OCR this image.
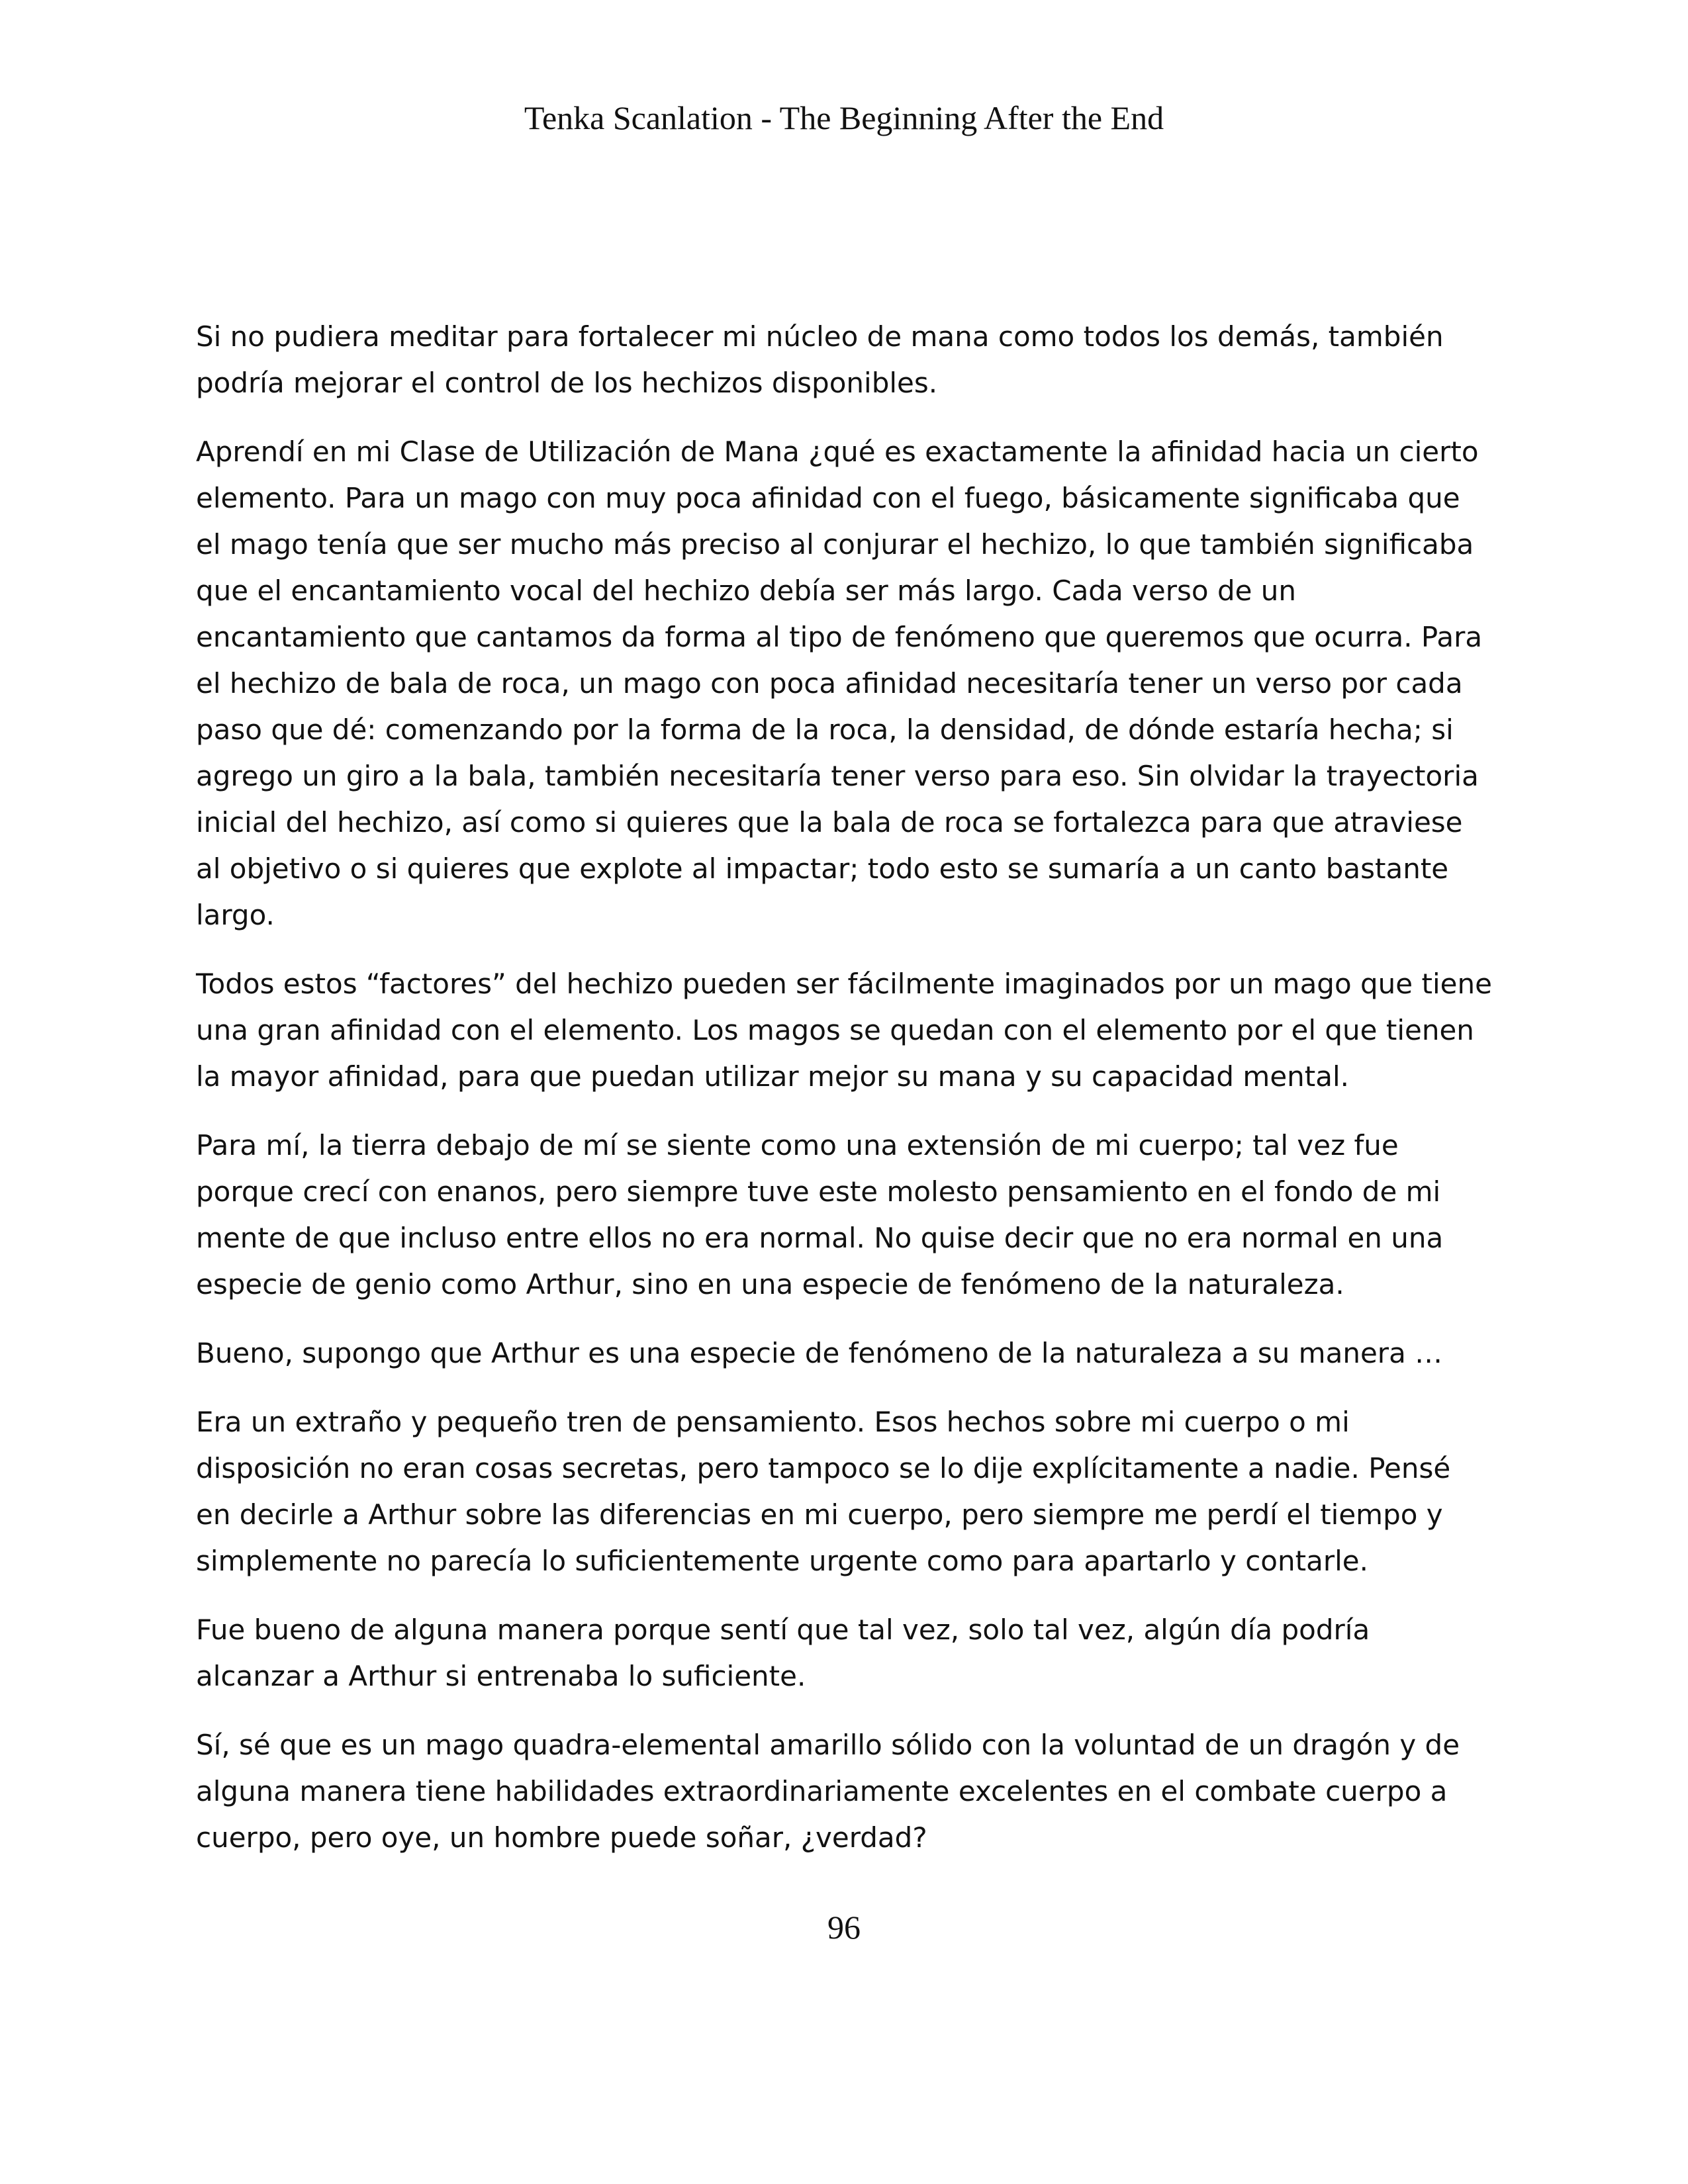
Tenka Scanlation - The Beginning After the End

Si no pudiera meditar para fortalecer mi núcleo de mana como todos los demás, también podría mejorar el control de los hechizos disponibles.

Aprendí en mi Clase de Utilización de Mana ¿qué es exactamente la afinidad hacia un cierto elemento. Para un mago con muy poca afinidad con el fuego, básicamente significaba que el mago tenía que ser mucho más preciso al conjurar el hechizo, lo que también significaba que el encantamiento vocal del hechizo debía ser más largo. Cada verso de un encantamiento que cantamos da forma al tipo de fenómeno que queremos que ocurra. Para el hechizo de bala de roca, un mago con poca afinidad necesitaría tener un verso por cada paso que dé: comenzando por la forma de la roca, la densidad, de dónde estaría hecha; si agrego un giro a la bala, también necesitaría tener verso para eso. Sin olvidar la trayectoria inicial del hechizo, así como si quieres que la bala de roca se fortalezca para que atraviese al objetivo o si quieres que explote al impactar; todo esto se sumaría a un canto bastante largo.

Todos estos “factores” del hechizo pueden ser fácilmente imaginados por un mago que tiene una gran afinidad con el elemento. Los magos se quedan con el elemento por el que tienen la mayor afinidad, para que puedan utilizar mejor su mana y su capacidad mental.

Para mí, la tierra debajo de mí se siente como una extensión de mi cuerpo; tal vez fue porque crecí con enanos, pero siempre tuve este molesto pensamiento en el fondo de mi mente de que incluso entre ellos no era normal. No quise decir que no era normal en una especie de genio como Arthur, sino en una especie de fenómeno de la naturaleza.

Bueno, supongo que Arthur es una especie de fenómeno de la naturaleza a su manera …

Era un extraño y pequeño tren de pensamiento. Esos hechos sobre mi cuerpo o mi disposición no eran cosas secretas, pero tampoco se lo dije explícitamente a nadie. Pensé en decirle a Arthur sobre las diferencias en mi cuerpo, pero siempre me perdí el tiempo y simplemente no parecía lo suficientemente urgente como para apartarlo y contarle.

Fue bueno de alguna manera porque sentí que tal vez, solo tal vez, algún día podría alcanzar a Arthur si entrenaba lo suficiente.

Sí, sé que es un mago quadra-elemental amarillo sólido con la voluntad de un dragón y de alguna manera tiene habilidades extraordinariamente excelentes en el combate cuerpo a cuerpo, pero oye, un hombre puede soñar, ¿verdad?

96
